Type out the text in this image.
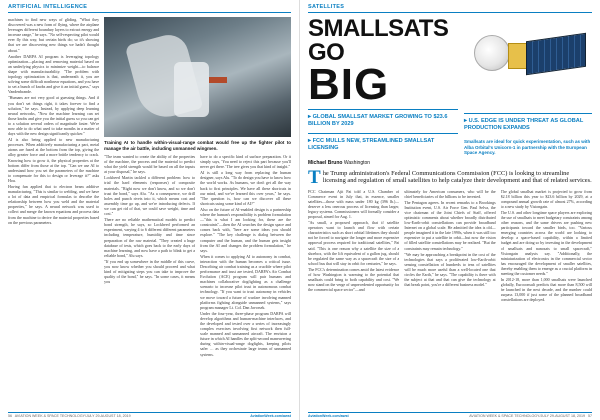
ARTIFICIAL INTELLIGENCE

machines to find new ways of gliding. "What they discovered was a new form of flying, where the airplane leverages different boundary layers to extract energy and increase range," he says. "No self-respecting pilot would ever fly this way, but certain birds do; so it's showing that we are discovering new things we hadn't thought about."

Another DARPA AI program is leveraging topology optimization—placing and removing material based on an underlying physics to minimize weight—to balance shape with manufacturability. "The problem with topology optimization is that, underneath it, you are solving some difficult nonlinear equations, and you have to set a bunch of knobs and give it an initial guess," says Vandenbrande.

"Humans are not very good at guessing things. And if you don't set things right, it takes forever to find a solution," he says. Instead, by applying deep learning neural networks, "Now the machine learning can set those knobs and give you the initial guess so you can get to a solution several orders of magnitude faster. We're now able to do what used to take months in a matter of days with the new design significantly quicker."

AI is also being applied to new manufacturing processes. When additively manufacturing a part, metal atoms are fused at the bottom from the top, giving the alloy greater force and a more brittle tendency to crack. Knowing how to grow it, the physical properties at the bottom differ from those at the top. "Can we use AI to understand how you set the parameters of the machine to compensate for this to design or leverage it?" asks Hou.

Having fun applied that to electron beam additive manufacturing. "This is similar to welding, and we have a lot of data and empirical formulas to describe the relationship between how you weld and the material properties," he says. A neural network was used to collect and merge the known equations and process data from the machine to derive the material properties based on the previous parameters.

Training AI to handle within-visual-range combat would free up the fighter pilot to manage the air battle, including unmanned wingmen.

"The team wanted to create the ability of the properties of the machine, the process and the material to predict what the yield strength would be based on all the inputs at your disposal," he says.

Lockheed Martin tackled a different problem: how to trial the hard elements (responses) of composite materials. "Right now we don't know, and so we don't trust the bond," says Alu. "As a consequence, we drill holes and punch rivets into it, which means cost and assembly time go up, and we're introducing defects. If we can get rid of that, we could save weight, time and cost."

There are no reliable mathematical models to predict bond strength, he says, so Lockheed performed an experiment, varying 4 to 6 different different parameters including temperature, humidity and time since preparation of the raw material. "They created a huge database of tests, which goes back to the early days of machine learning, and now have a path to blink to get a reliable bond," Alu says.

"If you end up somewhere in the middle of this curve, you now know whether you should proceed and what kind of mitigating steps you can take to improve the quality of the bond," he says. "In some cases, it means you

have to do a specific kind of surface preparation. Or it simply says, 'You need to reject this part because you'll never get there.' The tree gives you that kind of insight."

AI is still a long way from replacing the human designer, says Alu. "To do design you have to know how the world works. As humans, we don't get all the way back to first principles. We have all these shortcuts in our mind, and we've learned this over years," he says. "The question is, how can we discover all these shortcuts using some kind of AI?"

Also on the future of AI-enabled design is a partnership where the human's responsibility is problem formulation—"this is what I am looking for, these are the constraints"—then the AI searches the design space and comes back with, "here are some ideas you should explore." "The key challenge is dialog between the computer and the human, and the human gets insight from the AI and changes the problem formulation," he says.

When it comes to applying AI to autonomy in combat, interaction with the human becomes a critical issue. Describing air combat training as a crucible where pilot performance and trust are tested, DARPA's Air Combat Evolution (ACE) program will pair humans and machines collaborative dogfighting as a challenge scenario to increase pilot trust in autonomous combat technology. "If you want to trust autonomy in vehicles we move toward a future of warfare involving manned platforms fighting alongside unmanned systems," says program manager Lt. Col. Dan Javorsek.

Under the four-year, three-phase program DARPA will develop algorithms and human-machine interfaces, and the developed and tested over a series of increasingly complex exercises involving first network then full-scale manned and unmanned aircraft. The envision a future in which AI handles the split-second maneuvering during within-visual-range dogfights, keeping pilots safer … as they orchestrate large teams of unmanned systems.

56 AVIATION WEEK & SPACE TECHNOLOGY/JULY 29-AUGUST 18, 2019	AviationWeek.com/awst
SATELLITES
SMALLSATS GO
BIG
▸ GLOBAL SMALLSAT MARKET GROWING TO $23.6 BILLION BY 2029
▸ FCC MULLS NEW, STREAMLINED SMALLSAT LICENSING
▸ U.S. EDGE IS UNDER THREAT AS GLOBAL PRODUCTION EXPANDS
Smallsats are ideal for quick experimentation, such as with Alba Orbital's Unicorn-1 in partnership with the European Space Agency.
Michael Bruno Washington
The Trump administration's Federal Communications Commission (FCC) is looking to streamline licensing and regulation of small satellites to help catalyze their development and that of related services.

FCC Chairman Ajit Pai told a U.S. Chamber of Commerce event in July that, in essence, smaller satellites—those with mass under 180 kg (396 lb.)—deserve a less onerous process of licensing than larger, legacy systems. Commissioners will formally consider a proposal, aimed for Aug. 1.

"As small, a proposed approach, that if satellite operators want to launch and flow with certain characteristics such as short orbital lifetimes they should not be forced to navigate the longer and more expensive approval process required for traditional satellites," Pai said. "This is one reason why a satellite the size of a shoebox, with the lift equivalent of a gallon jug, should be regulated the same way as a spacecraft the size of a school bus that will stay in orbit for centuries," he says.

The FCC's determination comes amid the latest evidence of how Washington is warming to the potential that smallsats could bring to both capability and cost. "We now stand on the verge of unprecedented opportunity for the commercial space sector"—and

ultimately for American consumers, who will be the chief beneficiaries of the billions to be invested.

The Pentagon agrees. In recent remarks to a Brookings Institution event, U.S. Air Force Gen. Paul Selva, the vice chairman of the Joint Chiefs of Staff, offered optimistic comments about whether broadly distributed low-Earth-orbit constellations can provide broadband Internet on a global scale. He admitted the idea is old—people imagined it in the late 1990s, when it was still too expensive to put a satellite in orbit—but now the vision of filled satellite constellations may be realized. "But the constraints may remain technology."

"We may be approaching a breakpoint in the cost of the technologies that says a proliferated low-Earth-orbit sensing constellation of hundreds to tens of satellites will be much more useful than a well-located one that circles the Earth," he says. "The capability is there with the subject at that and that can give the technology at that break point, you're a different business model."

The global smallsat market is projected to grow from $2.18 billion this year to $23.6 billion by 2029, at a compound annual growth rate of almost 27%, according to a new study by Visiongain.

The U.S. and other longtime space players are exploring the use of smallsats to meet budgetary constraints among other reasons, and the same drivers are pushing new participants toward the smaller birds, too. "Various emerging countries across the world are looking to develop a space-based capability, within a limited budget and are doing so by investing in the development of smallsats and nanosats to small spacecraft," Visiongain analysts say. "Additionally, the miniaturization of electronics in the commercial sector has encouraged the development of smaller satellites, thereby enabling them to emerge as a crucial platform in meeting the customer needs."

In 2012-18, more than 1,000 smallsats were launched globally, Euroconsult predicts that more than 8,500 will be launched in the next decade, and the number could surpass 13,000 if just some of the planned broadband constellations are deployed.

AviationWeek.com/awst	AVIATION WEEK & SPACE TECHNOLOGY/JULY 29-AUGUST 18, 2019 57
